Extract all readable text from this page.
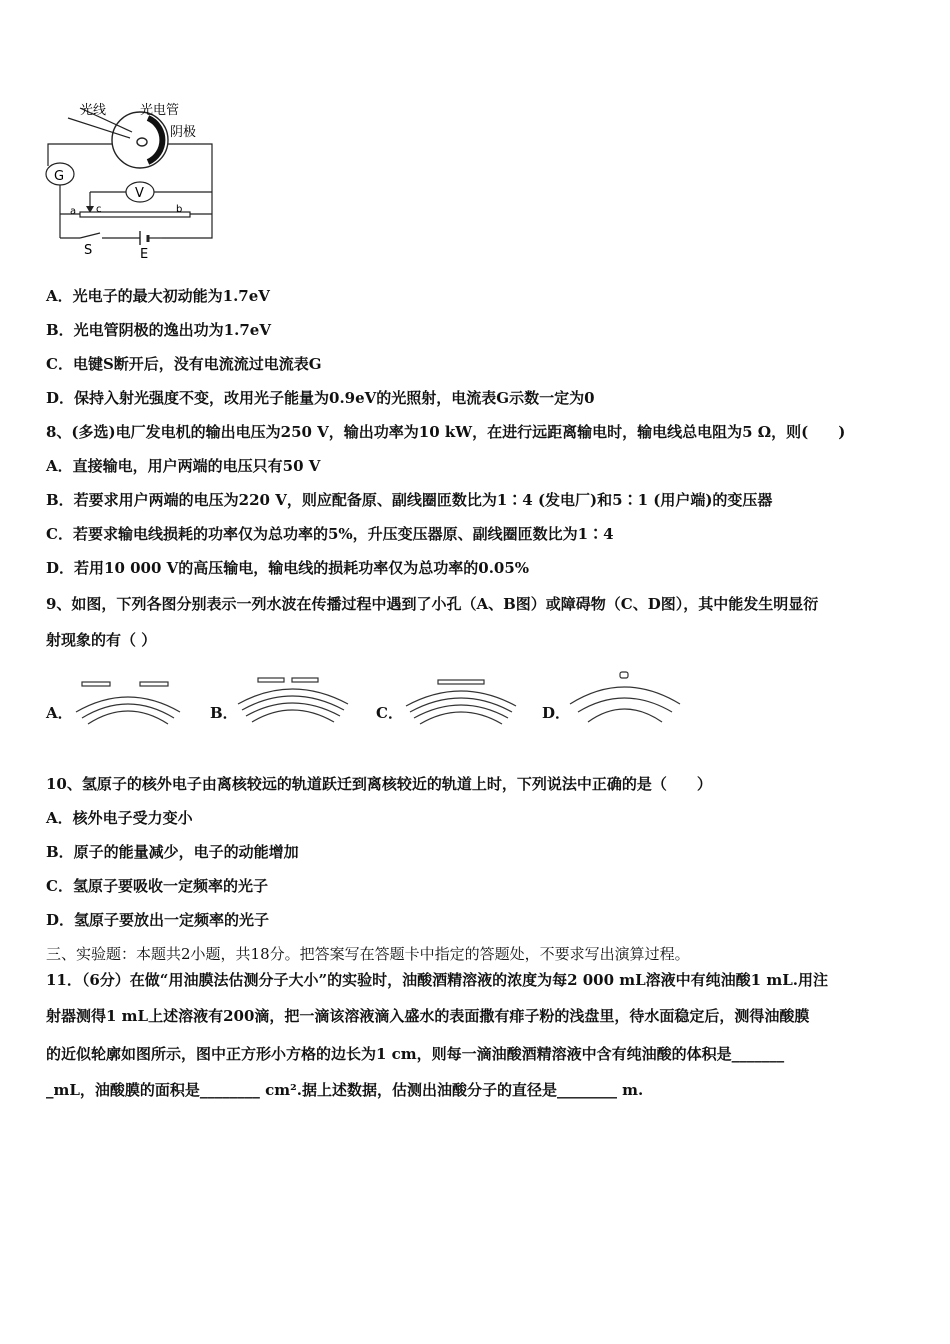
光线	光电管
阴极
G
V
a c	b
S	E
A．光电子的最大初动能为1.7eV
B．光电管阴极的逸出功为1.7eV
C．电键S断开后，没有电流流过电流表G
D．保持入射光强度不变，改用光子能量为0.9eV的光照射，电流表G示数一定为0
8、(多选)电厂发电机的输出电压为250 V，输出功率为10 kW，在进行远距离输电时，输电线总电阻为5 Ω，则(　　)
A．直接输电，用户两端的电压只有50 V
B．若要求用户两端的电压为220 V，则应配备原、副线圈匝数比为1∶4 (发电厂)和5∶1 (用户端)的变压器
C．若要求输电线损耗的功率仅为总功率的5%，升压变压器原、副线圈匝数比为1∶4
D．若用10 000 V的高压输电，输电线的损耗功率仅为总功率的0.05%
9、如图，下列各图分别表示一列水波在传播过程中遇到了小孔（A、B图）或障碍物（C、D图），其中能发生明显衍
射现象的有（ ）
A．	B．	C．	D．
10、氢原子的核外电子由离核较远的轨道跃迁到离核较近的轨道上时，下列说法中正确的是（　　）
A．核外电子受力变小
B．原子的能量减少，电子的动能增加
C．氢原子要吸收一定频率的光子
D．氢原子要放出一定频率的光子
三、实验题：本题共2小题，共18分。把答案写在答题卡中指定的答题处，不要求写出演算过程。
11．（6分）在做“用油膜法估测分子大小”的实验时，油酸酒精溶液的浓度为每2 000 mL溶液中有纯油酸1 mL.用注
射器测得1 mL上述溶液有200滴，把一滴该溶液滴入盛水的表面撒有痱子粉的浅盘里，待水面稳定后，测得油酸膜
的近似轮廓如图所示，图中正方形小方格的边长为1 cm，则每一滴油酸酒精溶液中含有纯油酸的体积是_______
_mL，油酸膜的面积是________ cm².据上述数据，估测出油酸分子的直径是________ m.
